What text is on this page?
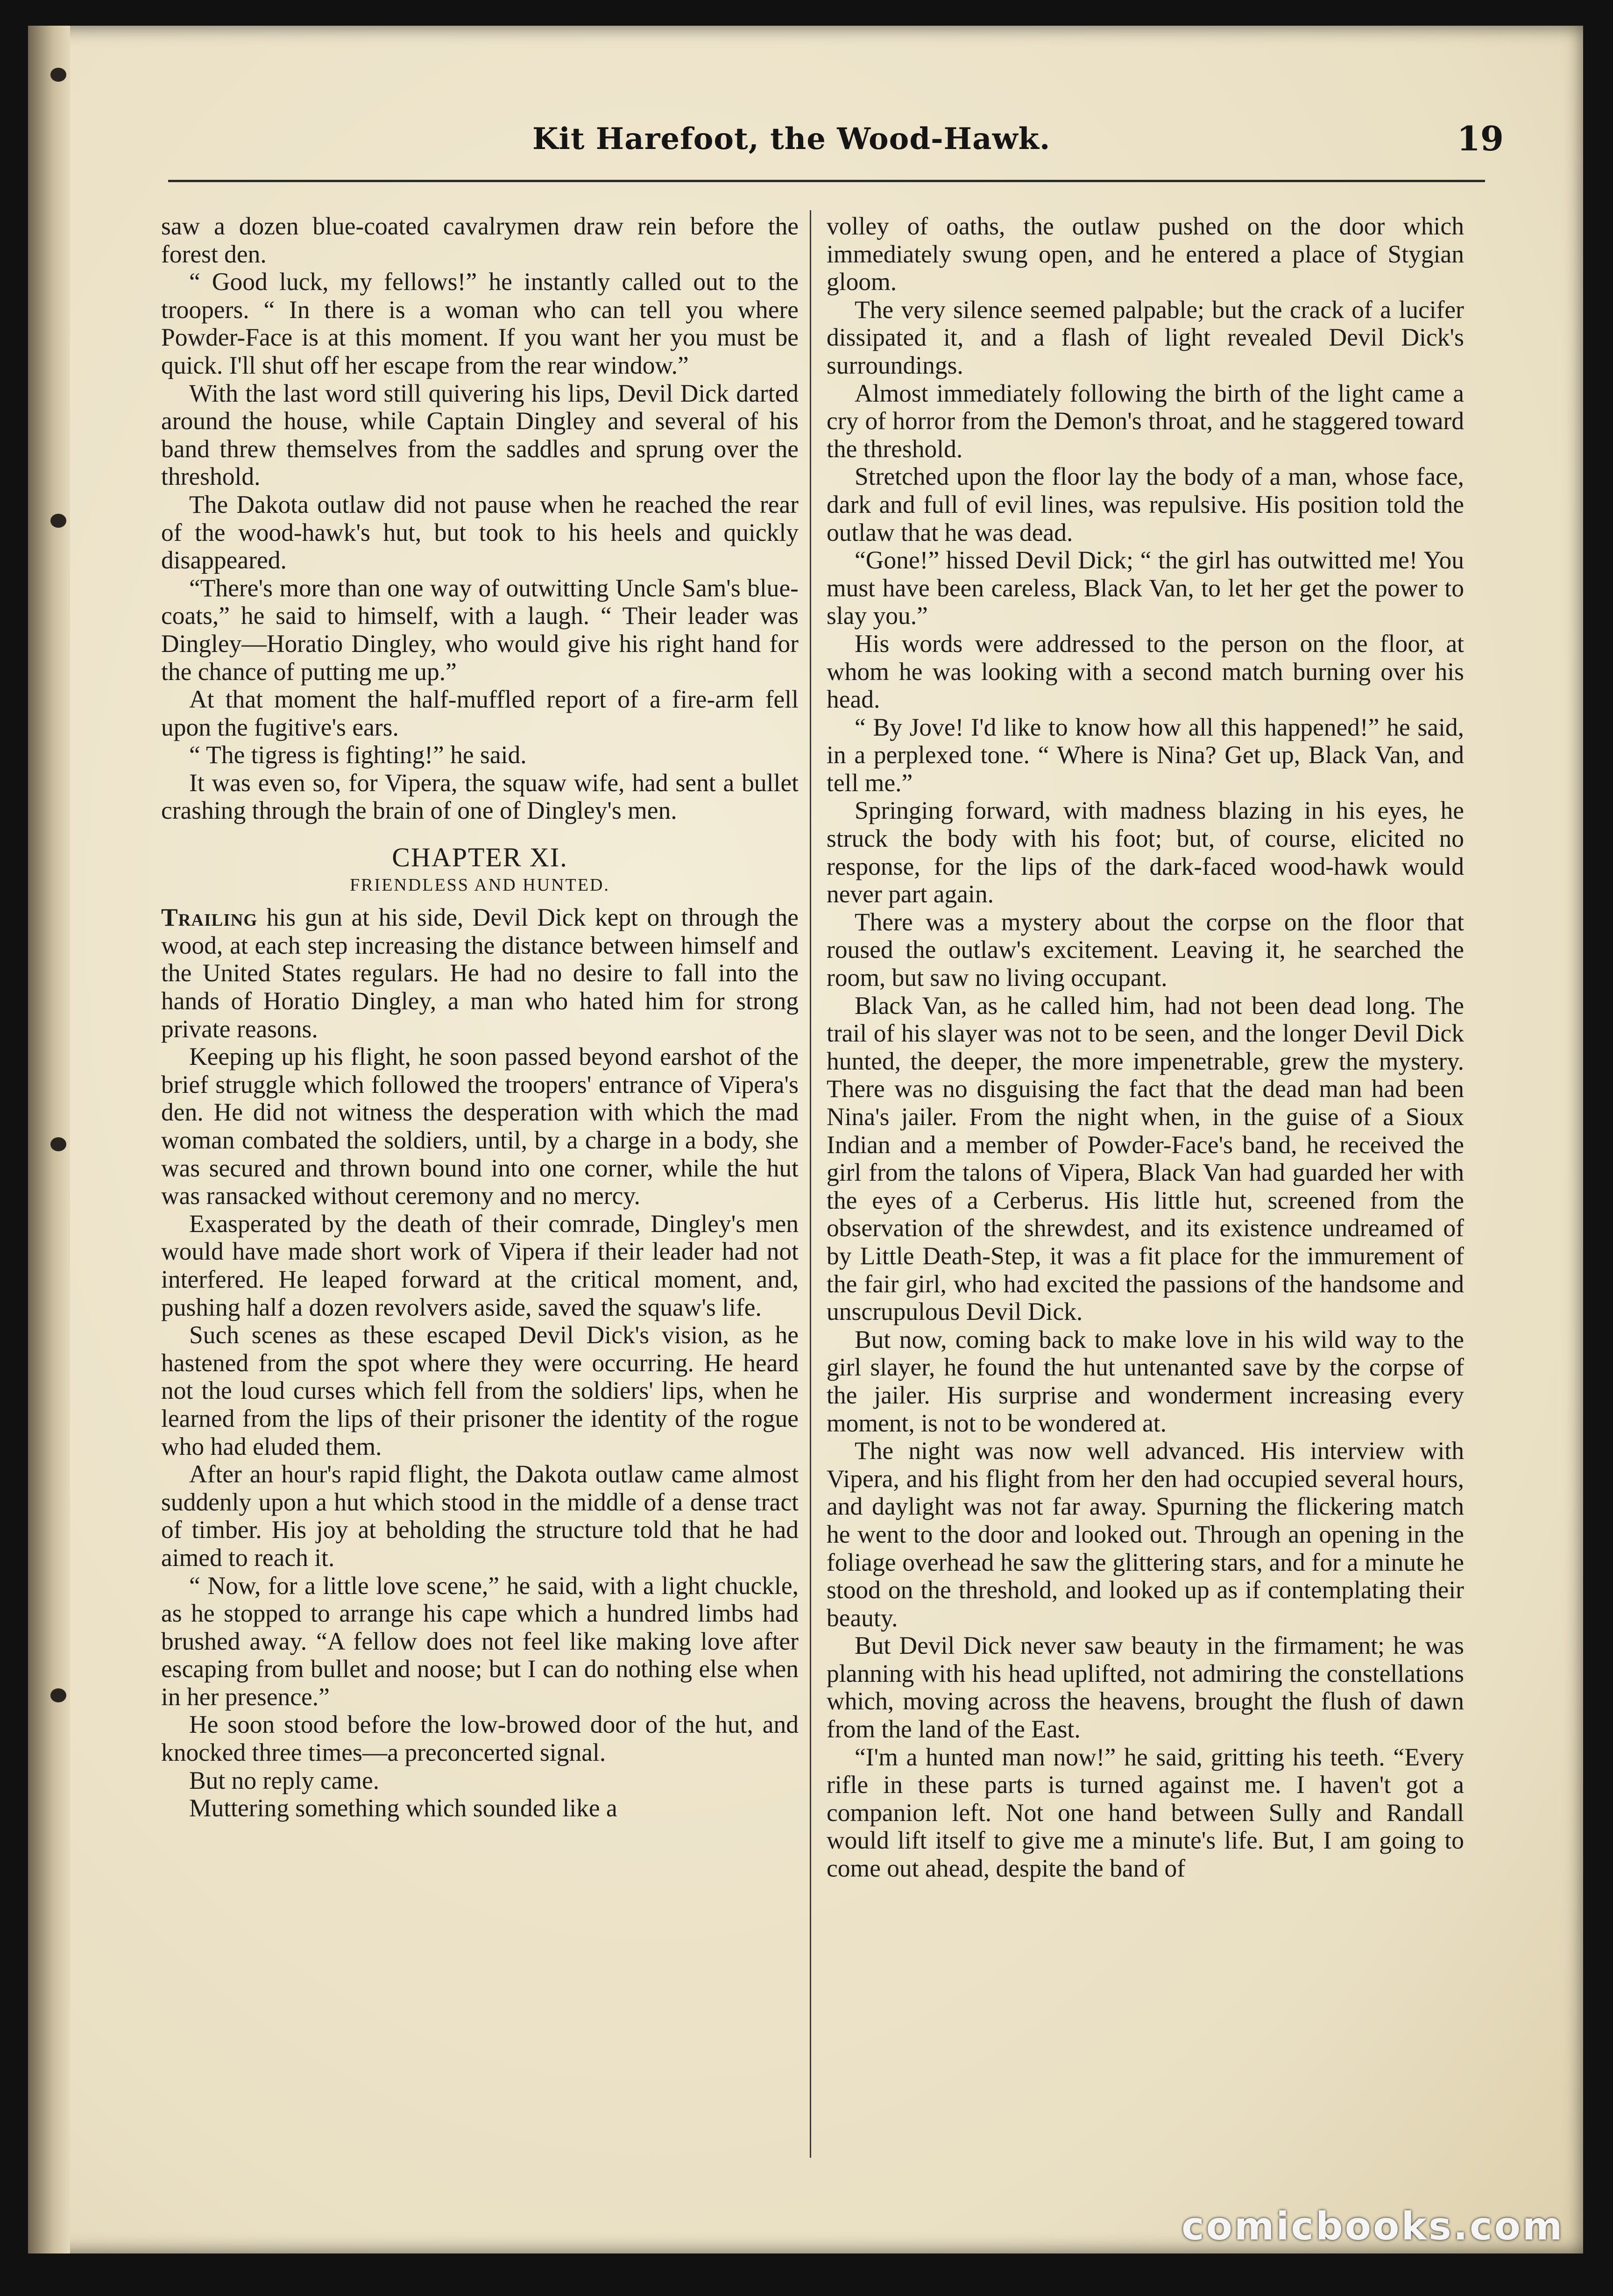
Kit Harefoot, the Wood-Hawk.	19

saw a dozen blue-coated cavalrymen draw rein before the forest den.

“ Good luck, my fellows!” he instantly called out to the troopers. “ In there is a woman who can tell you where Powder-Face is at this moment. If you want her you must be quick. I'll shut off her escape from the rear window.”

With the last word still quivering his lips, Devil Dick darted around the house, while Captain Dingley and several of his band threw themselves from the saddles and sprung over the threshold.

The Dakota outlaw did not pause when he reached the rear of the wood-hawk's hut, but took to his heels and quickly disappeared.

“There's more than one way of outwitting Uncle Sam's blue-coats,” he said to himself, with a laugh. “ Their leader was Dingley—Horatio Dingley, who would give his right hand for the chance of putting me up.”

At that moment the half-muffled report of a fire-arm fell upon the fugitive's ears.

“ The tigress is fighting!” he said.

It was even so, for Vipera, the squaw wife, had sent a bullet crashing through the brain of one of Dingley's men.

CHAPTER XI.
FRIENDLESS AND HUNTED.

Trailing his gun at his side, Devil Dick kept on through the wood, at each step increasing the distance between himself and the United States regulars. He had no desire to fall into the hands of Horatio Dingley, a man who hated him for strong private reasons.

Keeping up his flight, he soon passed beyond earshot of the brief struggle which followed the troopers' entrance of Vipera's den. He did not witness the desperation with which the mad woman combated the soldiers, until, by a charge in a body, she was secured and thrown bound into one corner, while the hut was ransacked without ceremony and no mercy.

Exasperated by the death of their comrade, Dingley's men would have made short work of Vipera if their leader had not interfered. He leaped forward at the critical moment, and, pushing half a dozen revolvers aside, saved the squaw's life.

Such scenes as these escaped Devil Dick's vision, as he hastened from the spot where they were occurring. He heard not the loud curses which fell from the soldiers' lips, when he learned from the lips of their prisoner the identity of the rogue who had eluded them.

After an hour's rapid flight, the Dakota outlaw came almost suddenly upon a hut which stood in the middle of a dense tract of timber. His joy at beholding the structure told that he had aimed to reach it.

“ Now, for a little love scene,” he said, with a light chuckle, as he stopped to arrange his cape which a hundred limbs had brushed away. “A fellow does not feel like making love after escaping from bullet and noose; but I can do nothing else when in her presence.”

He soon stood before the low-browed door of the hut, and knocked three times—a preconcerted signal.

But no reply came.

Muttering something which sounded like a

volley of oaths, the outlaw pushed on the door which immediately swung open, and he entered a place of Stygian gloom.

The very silence seemed palpable; but the crack of a lucifer dissipated it, and a flash of light revealed Devil Dick's surroundings.

Almost immediately following the birth of the light came a cry of horror from the Demon's throat, and he staggered toward the threshold.

Stretched upon the floor lay the body of a man, whose face, dark and full of evil lines, was repulsive. His position told the outlaw that he was dead.

“Gone!” hissed Devil Dick; “ the girl has outwitted me! You must have been careless, Black Van, to let her get the power to slay you.”

His words were addressed to the person on the floor, at whom he was looking with a second match burning over his head.

“ By Jove! I'd like to know how all this happened!” he said, in a perplexed tone. “ Where is Nina? Get up, Black Van, and tell me.”

Springing forward, with madness blazing in his eyes, he struck the body with his foot; but, of course, elicited no response, for the lips of the dark-faced wood-hawk would never part again.

There was a mystery about the corpse on the floor that roused the outlaw's excitement. Leaving it, he searched the room, but saw no living occupant.

Black Van, as he called him, had not been dead long. The trail of his slayer was not to be seen, and the longer Devil Dick hunted, the deeper, the more impenetrable, grew the mystery. There was no disguising the fact that the dead man had been Nina's jailer. From the night when, in the guise of a Sioux Indian and a member of Powder-Face's band, he received the girl from the talons of Vipera, Black Van had guarded her with the eyes of a Cerberus. His little hut, screened from the observation of the shrewdest, and its existence undreamed of by Little Death-Step, it was a fit place for the immurement of the fair girl, who had excited the passions of the handsome and unscrupulous Devil Dick.

But now, coming back to make love in his wild way to the girl slayer, he found the hut untenanted save by the corpse of the jailer. His surprise and wonderment increasing every moment, is not to be wondered at.

The night was now well advanced. His interview with Vipera, and his flight from her den had occupied several hours, and daylight was not far away. Spurning the flickering match he went to the door and looked out. Through an opening in the foliage overhead he saw the glittering stars, and for a minute he stood on the threshold, and looked up as if contemplating their beauty.

But Devil Dick never saw beauty in the firmament; he was planning with his head uplifted, not admiring the constellations which, moving across the heavens, brought the flush of dawn from the land of the East.

“I'm a hunted man now!” he said, gritting his teeth. “Every rifle in these parts is turned against me. I haven't got a companion left. Not one hand between Sully and Randall would lift itself to give me a minute's life. But, I am going to come out ahead, despite the band of

comicbooks.com
